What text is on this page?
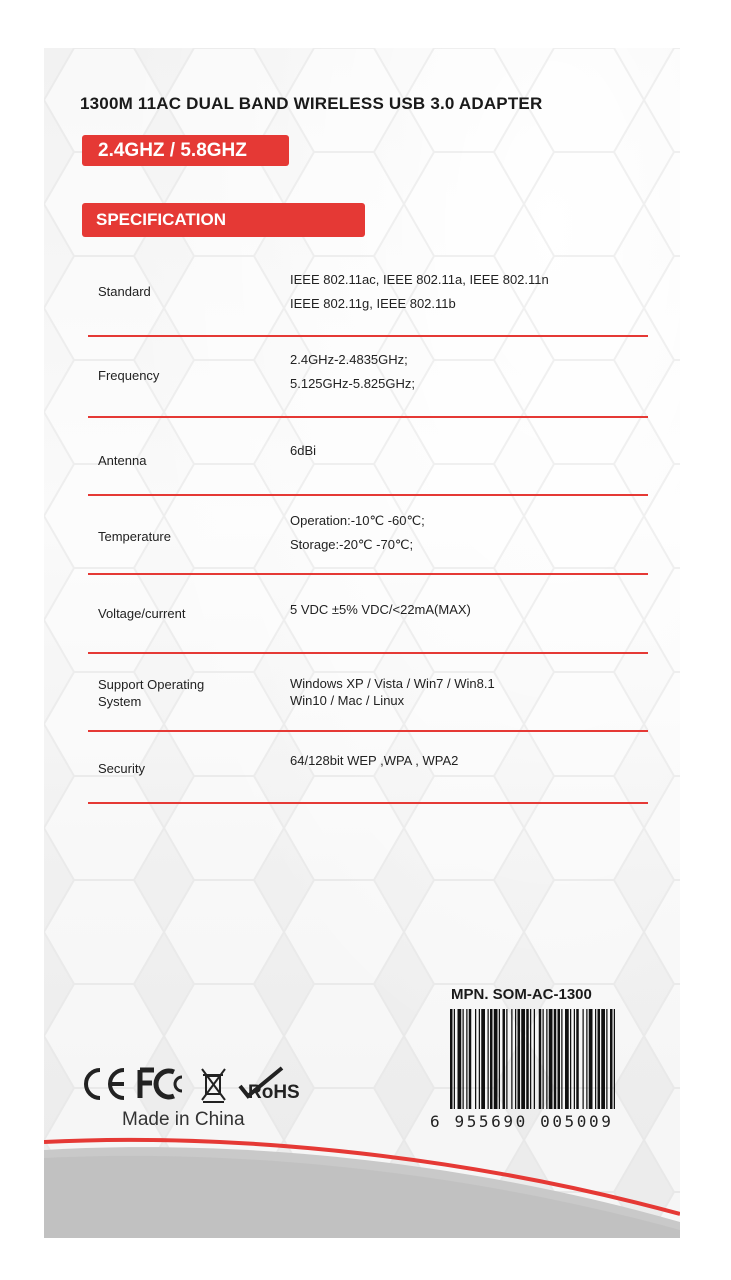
1300M 11AC DUAL BAND WIRELESS USB 3.0 ADAPTER
2.4GHZ / 5.8GHZ
SPECIFICATION
Standard
IEEE 802.11ac, IEEE 802.11a, IEEE 802.11n
IEEE 802.11g, IEEE 802.11b
Frequency
2.4GHz-2.4835GHz;
5.125GHz-5.825GHz;
Antenna
6dBi
Temperature
Operation:-10℃ -60℃;
Storage:-20℃ -70℃;
Voltage/current	5 VDC ±5% VDC/<22mA(MAX)
Support Operating
System
Windows XP / Vista / Win7 / Win8.1
Win10 / Mac / Linux
Security
64/128bit WEP ,WPA , WPA2
MPN. SOM-AC-1300
6 955690 005009
RoHS
Made in China
